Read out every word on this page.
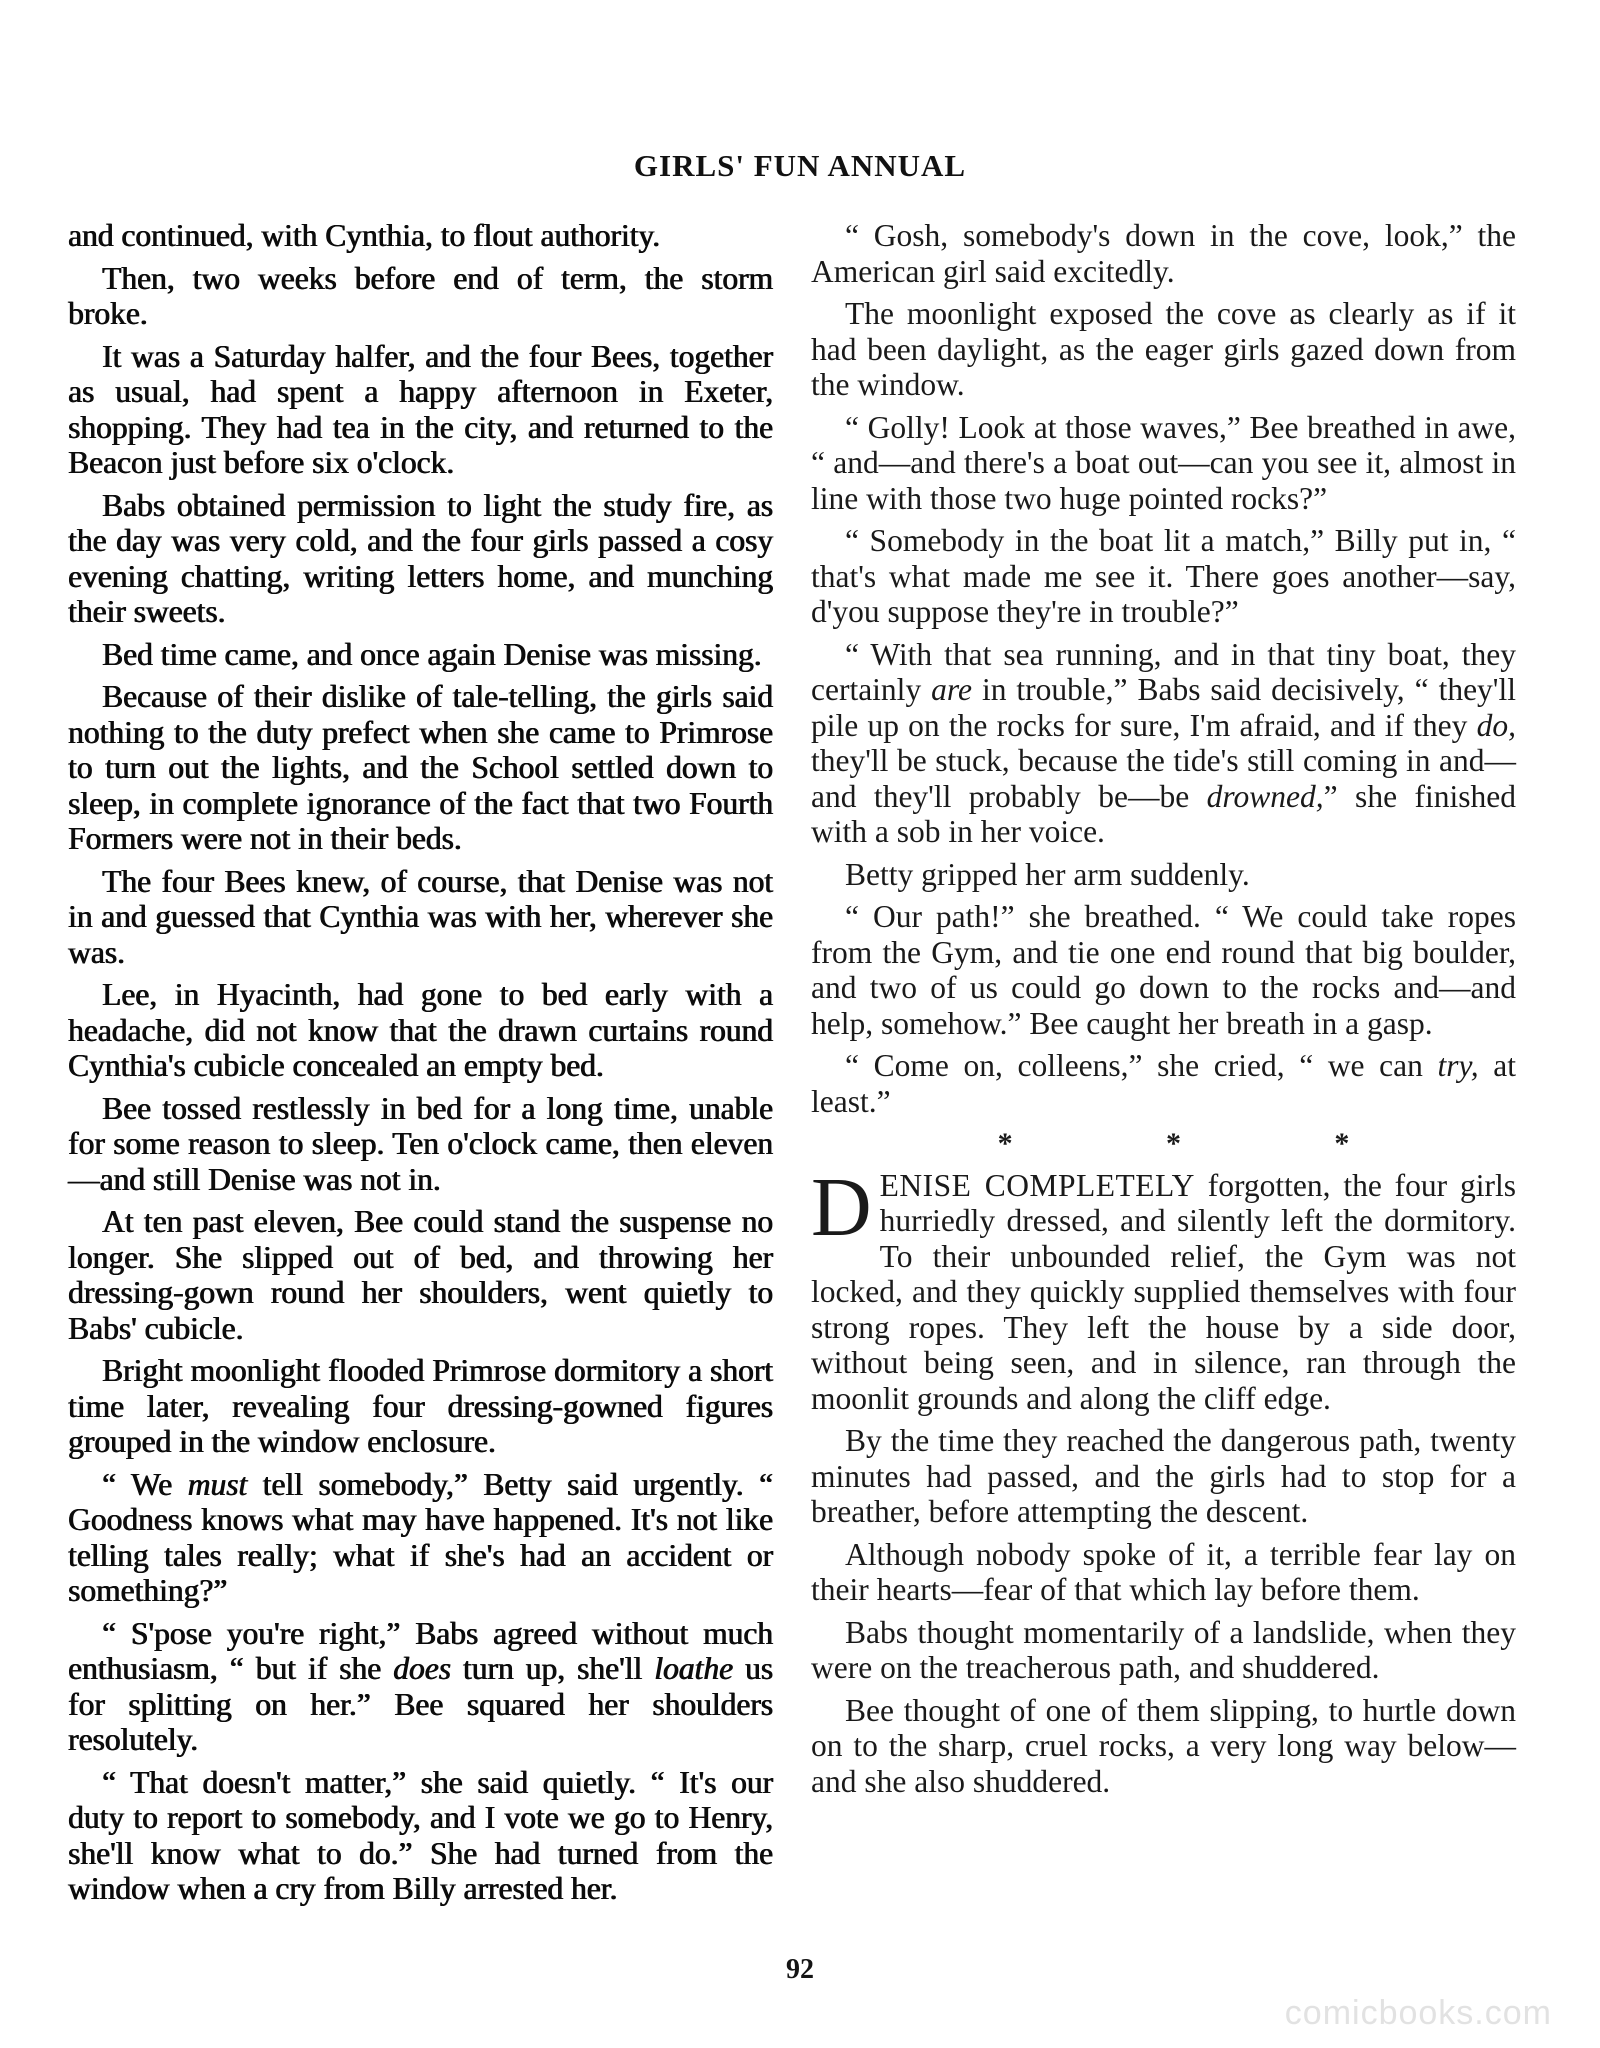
GIRLS' FUN ANNUAL

and continued, with Cynthia, to flout authority.

Then, two weeks before end of term, the storm broke.

It was a Saturday halfer, and the four Bees, together as usual, had spent a happy afternoon in Exeter, shopping. They had tea in the city, and returned to the Beacon just before six o'clock.

Babs obtained permission to light the study fire, as the day was very cold, and the four girls passed a cosy evening chatting, writing letters home, and munching their sweets.

Bed time came, and once again Denise was missing.

Because of their dislike of tale-telling, the girls said nothing to the duty prefect when she came to Primrose to turn out the lights, and the School settled down to sleep, in complete ignorance of the fact that two Fourth Formers were not in their beds.

The four Bees knew, of course, that Denise was not in and guessed that Cynthia was with her, wherever she was.

Lee, in Hyacinth, had gone to bed early with a headache, did not know that the drawn curtains round Cynthia's cubicle concealed an empty bed.

Bee tossed restlessly in bed for a long time, unable for some reason to sleep. Ten o'clock came, then eleven—and still Denise was not in.

At ten past eleven, Bee could stand the suspense no longer. She slipped out of bed, and throwing her dressing-gown round her shoulders, went quietly to Babs' cubicle.

Bright moonlight flooded Primrose dormitory a short time later, revealing four dressing-gowned figures grouped in the window enclosure.

“ We must tell somebody,” Betty said urgently. “ Goodness knows what may have happened. It's not like telling tales really; what if she's had an accident or something?”

“ S'pose you're right,” Babs agreed without much enthusiasm, “ but if she does turn up, she'll loathe us for splitting on her.” Bee squared her shoulders resolutely.

“ That doesn't matter,” she said quietly. “ It's our duty to report to somebody, and I vote we go to Henry, she'll know what to do.” She had turned from the window when a cry from Billy arrested her.

“ Gosh, somebody's down in the cove, look,” the American girl said excitedly.

The moonlight exposed the cove as clearly as if it had been daylight, as the eager girls gazed down from the window.

“ Golly! Look at those waves,” Bee breathed in awe, “ and—and there's a boat out—can you see it, almost in line with those two huge pointed rocks?”

“ Somebody in the boat lit a match,” Billy put in, “ that's what made me see it. There goes another—say, d'you suppose they're in trouble?”

“ With that sea running, and in that tiny boat, they certainly are in trouble,” Babs said decisively, “ they'll pile up on the rocks for sure, I'm afraid, and if they do, they'll be stuck, because the tide's still coming in and—and they'll probably be—be drowned,” she finished with a sob in her voice.

Betty gripped her arm suddenly.

“ Our path!” she breathed. “ We could take ropes from the Gym, and tie one end round that big boulder, and two of us could go down to the rocks and—and help, somehow.” Bee caught her breath in a gasp.

“ Come on, colleens,” she cried, “ we can try, at least.”

*	*	*

DENISE COMPLETELY forgotten, the four girls hurriedly dressed, and silently left the dormitory. To their unbounded relief, the Gym was not locked, and they quickly supplied themselves with four strong ropes. They left the house by a side door, without being seen, and in silence, ran through the moonlit grounds and along the cliff edge.

By the time they reached the dangerous path, twenty minutes had passed, and the girls had to stop for a breather, before attempting the descent.

Although nobody spoke of it, a terrible fear lay on their hearts—fear of that which lay before them.

Babs thought momentarily of a landslide, when they were on the treacherous path, and shuddered.

Bee thought of one of them slipping, to hurtle down on to the sharp, cruel rocks, a very long way below—and she also shuddered.

92
comicbooks.com
